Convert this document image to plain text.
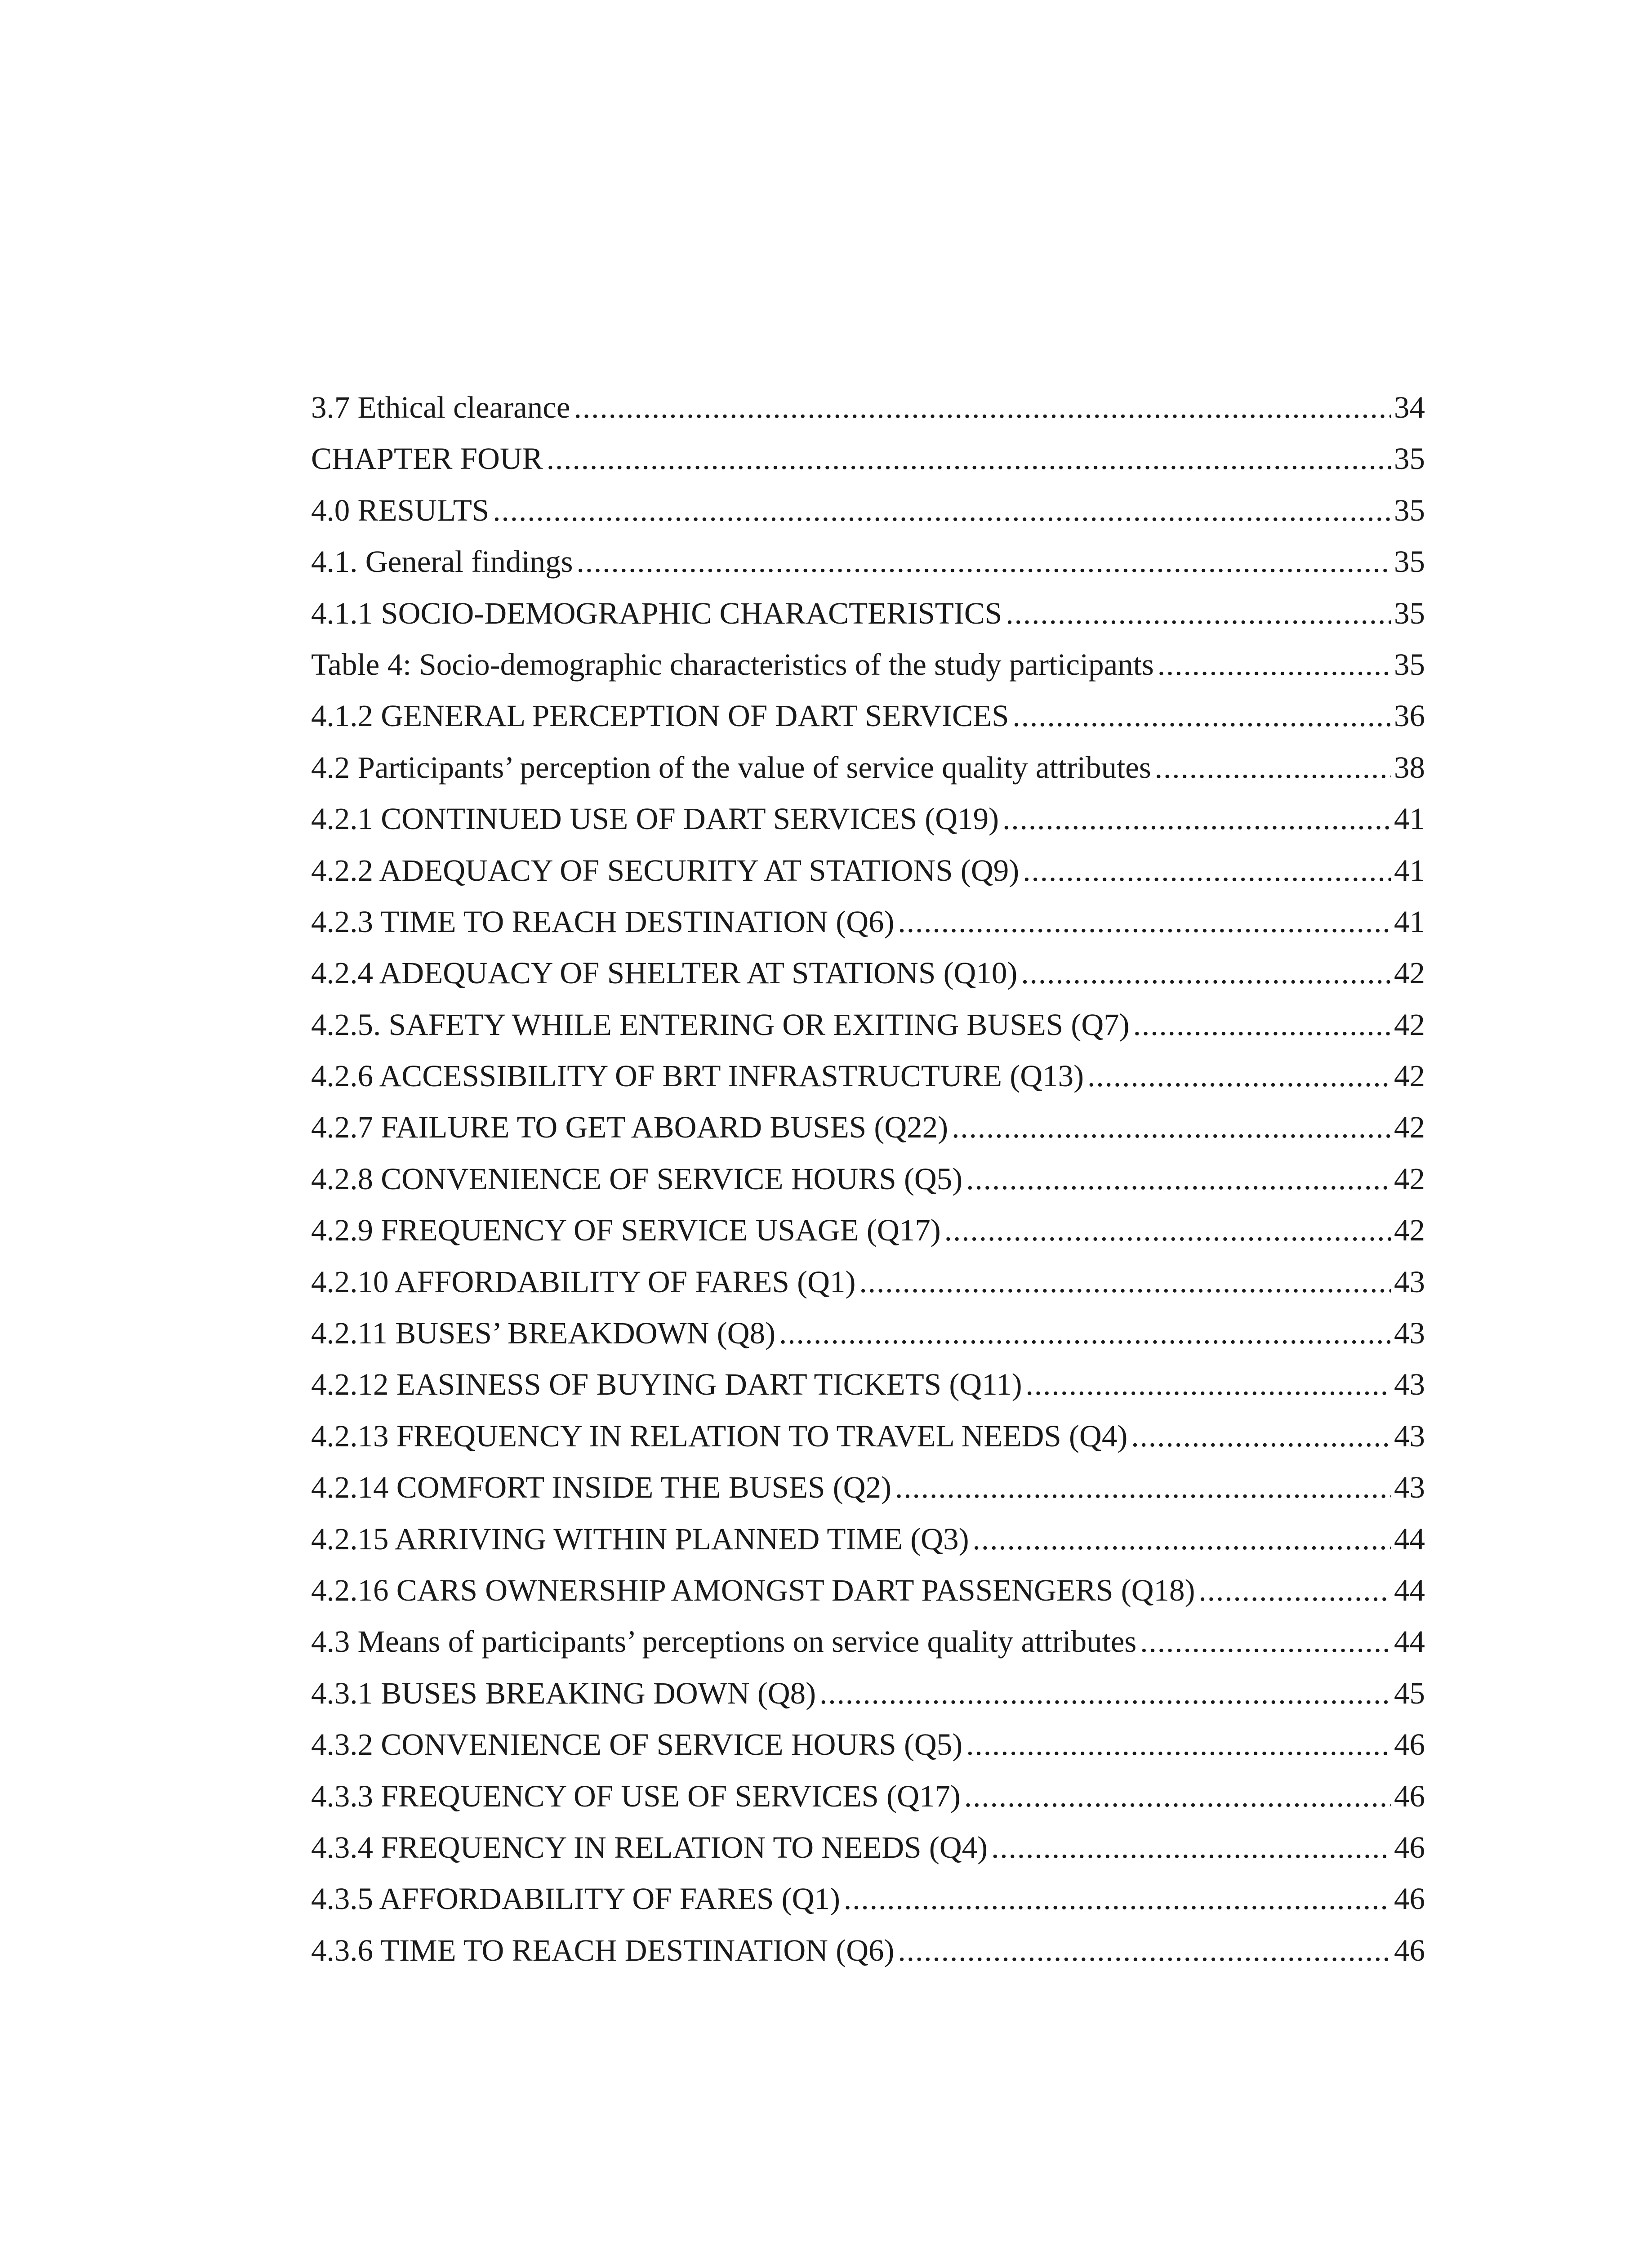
3.7 Ethical clearance .....	34
CHAPTER FOUR .....	35
4.0 RESULTS .....	35
4.1. General findings .....	35
4.1.1 SOCIO-DEMOGRAPHIC CHARACTERISTICS .....	35
Table 4: Socio-demographic characteristics of the study participants .....	35
4.1.2 GENERAL PERCEPTION OF DART SERVICES .....	36
4.2 Participants’ perception of the value of service quality attributes .....	38
4.2.1 CONTINUED USE OF DART SERVICES (Q19) .....	41
4.2.2 ADEQUACY OF SECURITY AT STATIONS (Q9) .....	41
4.2.3 TIME TO REACH DESTINATION (Q6) .....	41
4.2.4 ADEQUACY OF SHELTER AT STATIONS (Q10) .....	42
4.2.5. SAFETY WHILE ENTERING OR EXITING BUSES (Q7) .....	42
4.2.6 ACCESSIBILITY OF BRT INFRASTRUCTURE (Q13) .....	42
4.2.7 FAILURE TO GET ABOARD BUSES (Q22) .....	42
4.2.8 CONVENIENCE OF SERVICE HOURS (Q5) .....	42
4.2.9 FREQUENCY OF SERVICE USAGE (Q17) .....	42
4.2.10 AFFORDABILITY OF FARES (Q1) .....	43
4.2.11 BUSES’ BREAKDOWN (Q8) .....	43
4.2.12 EASINESS OF BUYING DART TICKETS (Q11) .....	43
4.2.13 FREQUENCY IN RELATION TO TRAVEL NEEDS (Q4) .....	43
4.2.14 COMFORT INSIDE THE BUSES (Q2) .....	43
4.2.15 ARRIVING WITHIN PLANNED TIME (Q3) .....	44
4.2.16 CARS OWNERSHIP AMONGST DART PASSENGERS (Q18) .....	44
4.3 Means of participants’ perceptions on service quality attributes .....	44
4.3.1 BUSES BREAKING DOWN (Q8) .....	45
4.3.2 CONVENIENCE OF SERVICE HOURS (Q5) .....	46
4.3.3 FREQUENCY OF USE OF SERVICES (Q17) .....	46
4.3.4 FREQUENCY IN RELATION TO NEEDS (Q4) .....	46
4.3.5 AFFORDABILITY OF FARES (Q1) .....	46
4.3.6 TIME TO REACH DESTINATION (Q6) .....	46
